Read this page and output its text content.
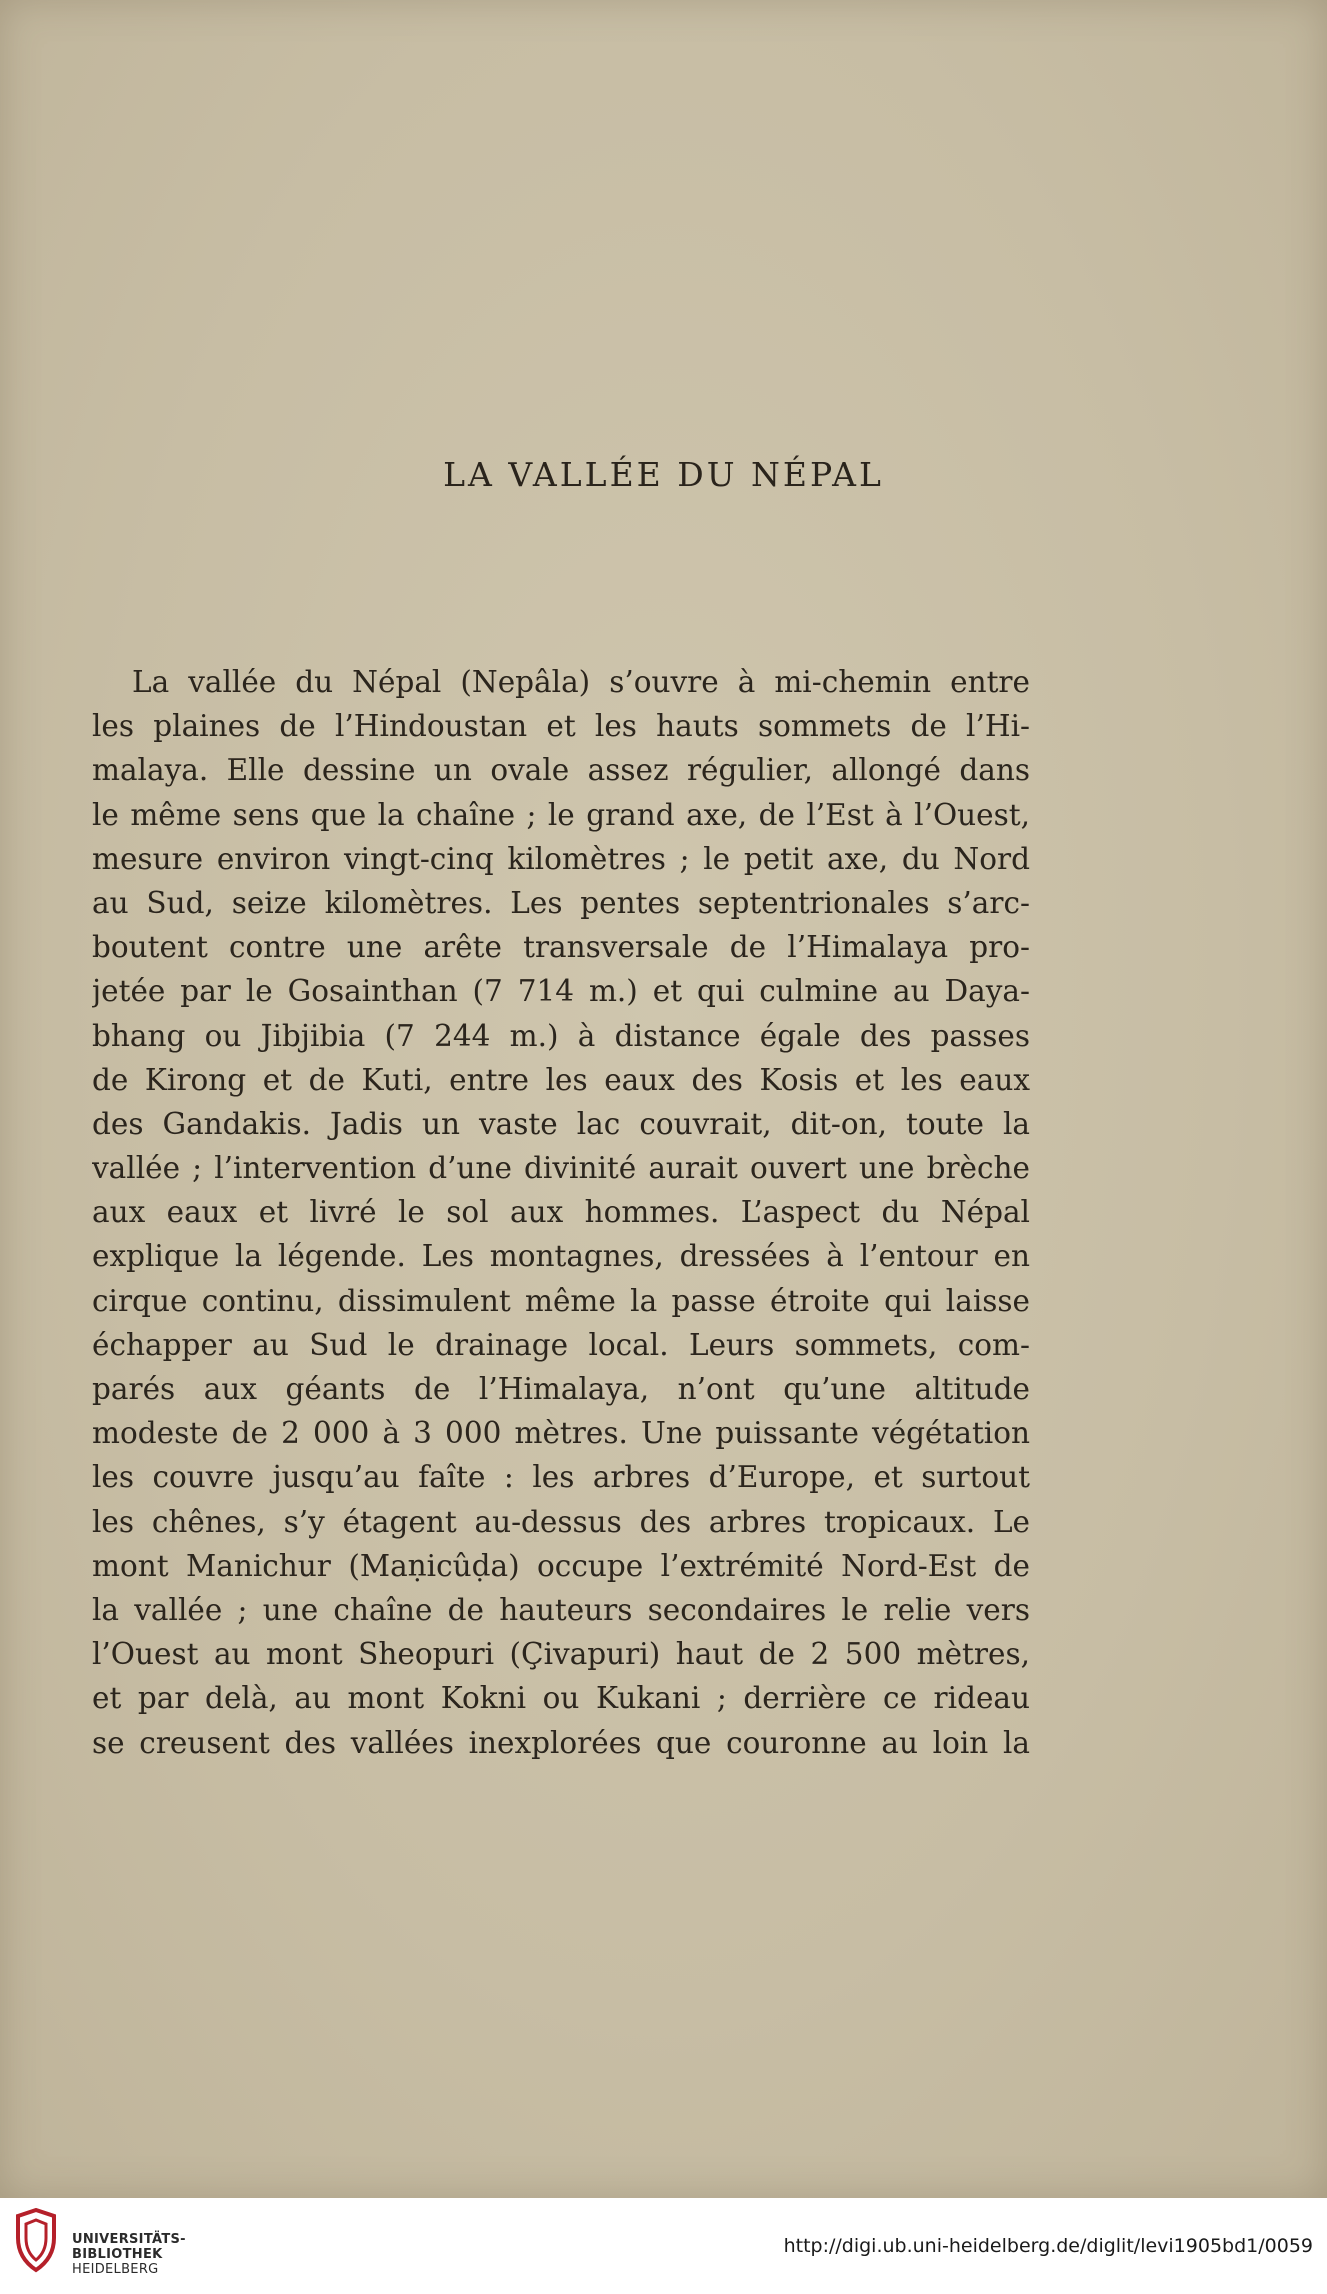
LA VALLÉE DU NÉPAL
La vallée du Népal (Nepâla) s’ouvre à mi-chemin entre
les plaines de l’Hindoustan et les hauts sommets de l’Hi-
malaya. Elle dessine un ovale assez régulier, allongé dans
le même sens que la chaîne ; le grand axe, de l’Est à l’Ouest,
mesure environ vingt-cinq kilomètres ; le petit axe, du Nord
au Sud, seize kilomètres. Les pentes septentrionales s’arc-
boutent contre une arête transversale de l’Himalaya pro-
jetée par le Gosainthan (7 714 m.) et qui culmine au Daya-
bhang ou Jibjibia (7 244 m.) à distance égale des passes
de Kirong et de Kuti, entre les eaux des Kosis et les eaux
des Gandakis. Jadis un vaste lac couvrait, dit-on, toute la
vallée ; l’intervention d’une divinité aurait ouvert une brèche
aux eaux et livré le sol aux hommes. L’aspect du Népal
explique la légende. Les montagnes, dressées à l’entour en
cirque continu, dissimulent même la passe étroite qui laisse
échapper au Sud le drainage local. Leurs sommets, com-
parés aux géants de l’Himalaya, n’ont qu’une altitude
modeste de 2 000 à 3 000 mètres. Une puissante végétation
les couvre jusqu’au faîte : les arbres d’Europe, et surtout
les chênes, s’y étagent au-dessus des arbres tropicaux. Le
mont Manichur (Maṇicûḍa) occupe l’extrémité Nord-Est de
la vallée ; une chaîne de hauteurs secondaires le relie vers
l’Ouest au mont Sheopuri (Çivapuri) haut de 2 500 mètres,
et par delà, au mont Kokni ou Kukani ; derrière ce rideau
se creusent des vallées inexplorées que couronne au loin la
UNIVERSITÄTS-
BIBLIOTHEK
HEIDELBERG
http://digi.ub.uni-heidelberg.de/diglit/levi1905bd1/0059
